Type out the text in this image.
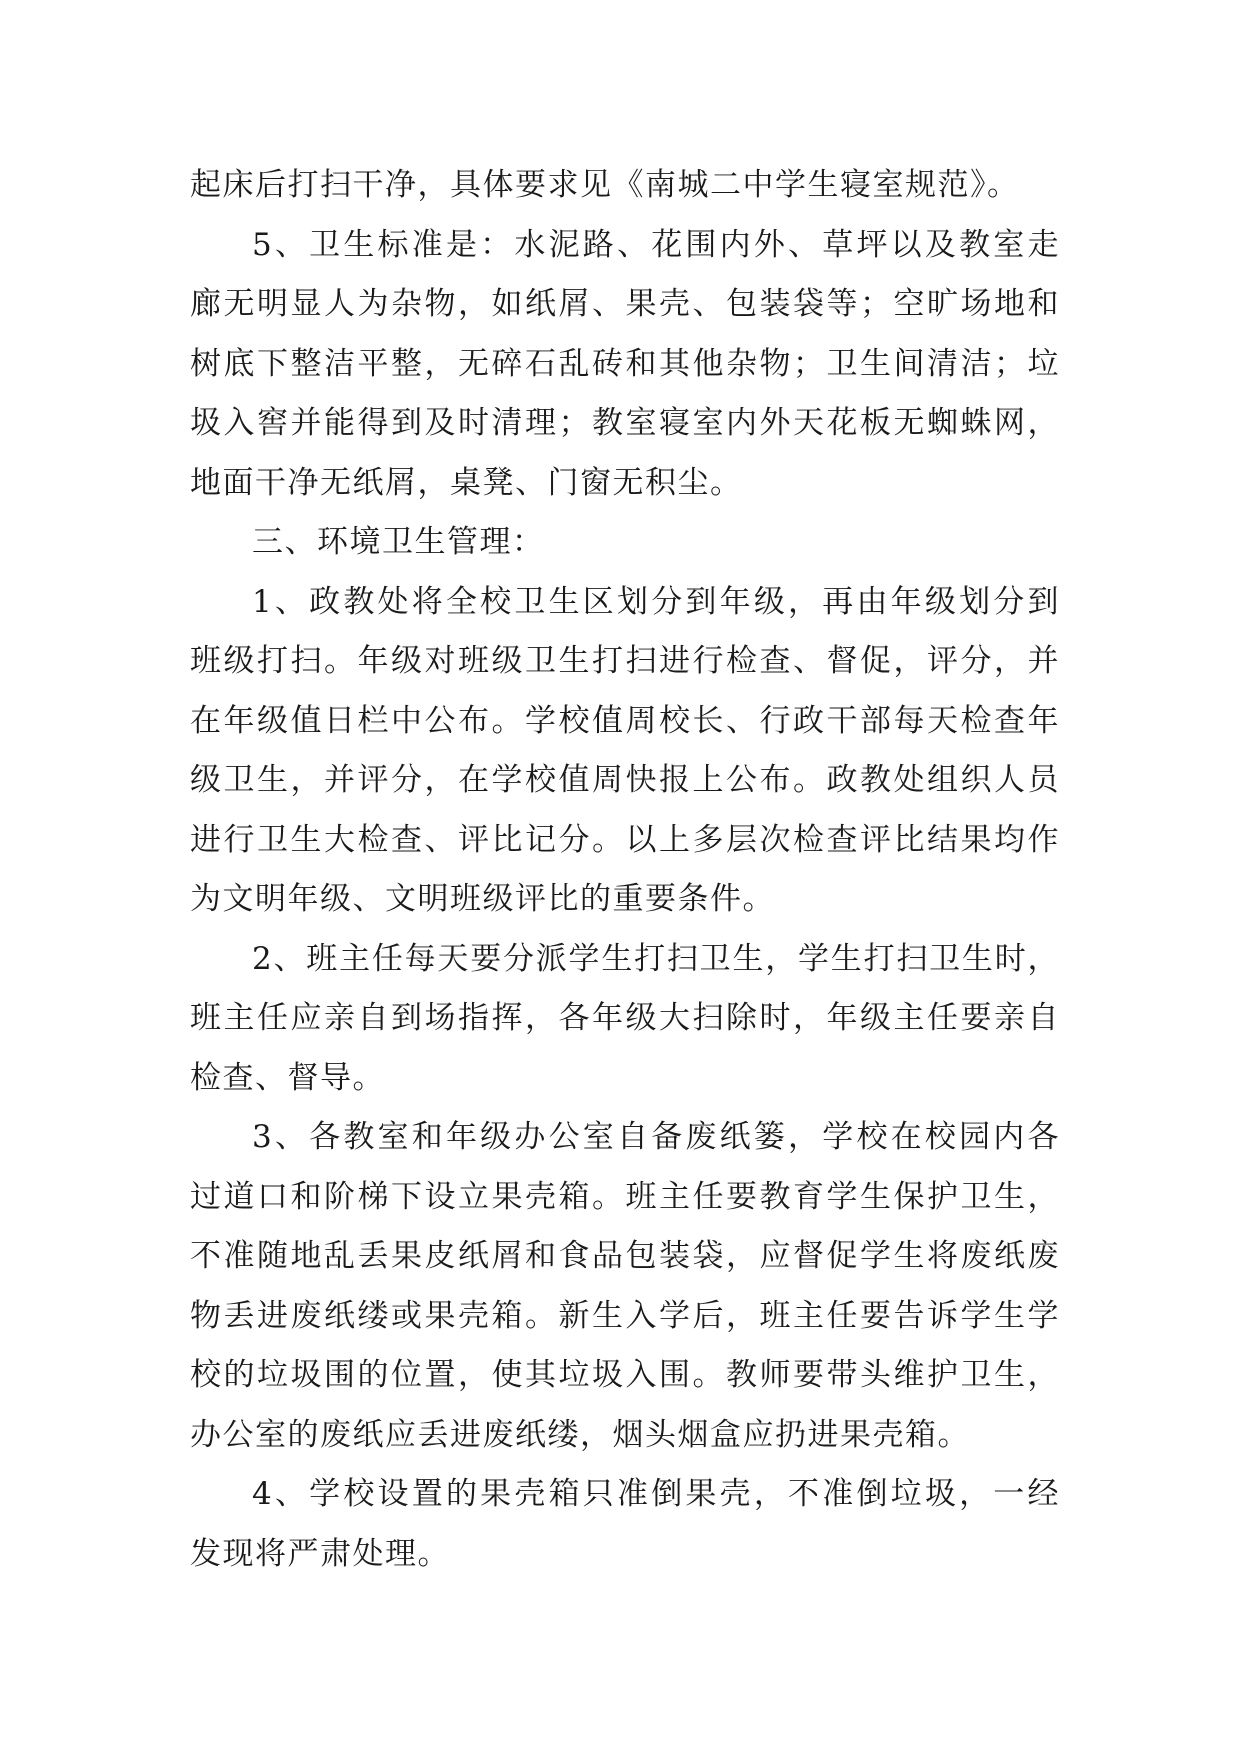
起床后打扫干净，具体要求见《南城二中学生寝室规范》。
5、卫生标准是：水泥路、花围内外、草坪以及教室走
廊无明显人为杂物，如纸屑、果壳、包装袋等；空旷场地和
树底下整洁平整，无碎石乱砖和其他杂物；卫生间清洁；垃
圾入窖并能得到及时清理；教室寝室内外天花板无蜘蛛网，
地面干净无纸屑，桌凳、门窗无积尘。
三、环境卫生管理：
1、政教处将全校卫生区划分到年级，再由年级划分到
班级打扫。年级对班级卫生打扫进行检查、督促，评分，并
在年级值日栏中公布。学校值周校长、行政干部每天检查年
级卫生，并评分，在学校值周快报上公布。政教处组织人员
进行卫生大检查、评比记分。以上多层次检查评比结果均作
为文明年级、文明班级评比的重要条件。
2、班主任每天要分派学生打扫卫生，学生打扫卫生时，
班主任应亲自到场指挥，各年级大扫除时，年级主任要亲自
检查、督导。
3、各教室和年级办公室自备废纸篓，学校在校园内各
过道口和阶梯下设立果壳箱。班主任要教育学生保护卫生，
不准随地乱丢果皮纸屑和食品包装袋，应督促学生将废纸废
物丢进废纸缕或果壳箱。新生入学后，班主任要告诉学生学
校的垃圾围的位置，使其垃圾入围。教师要带头维护卫生，
办公室的废纸应丢进废纸缕，烟头烟盒应扔进果壳箱。
4、学校设置的果壳箱只准倒果壳，不准倒垃圾，一经
发现将严肃处理。
